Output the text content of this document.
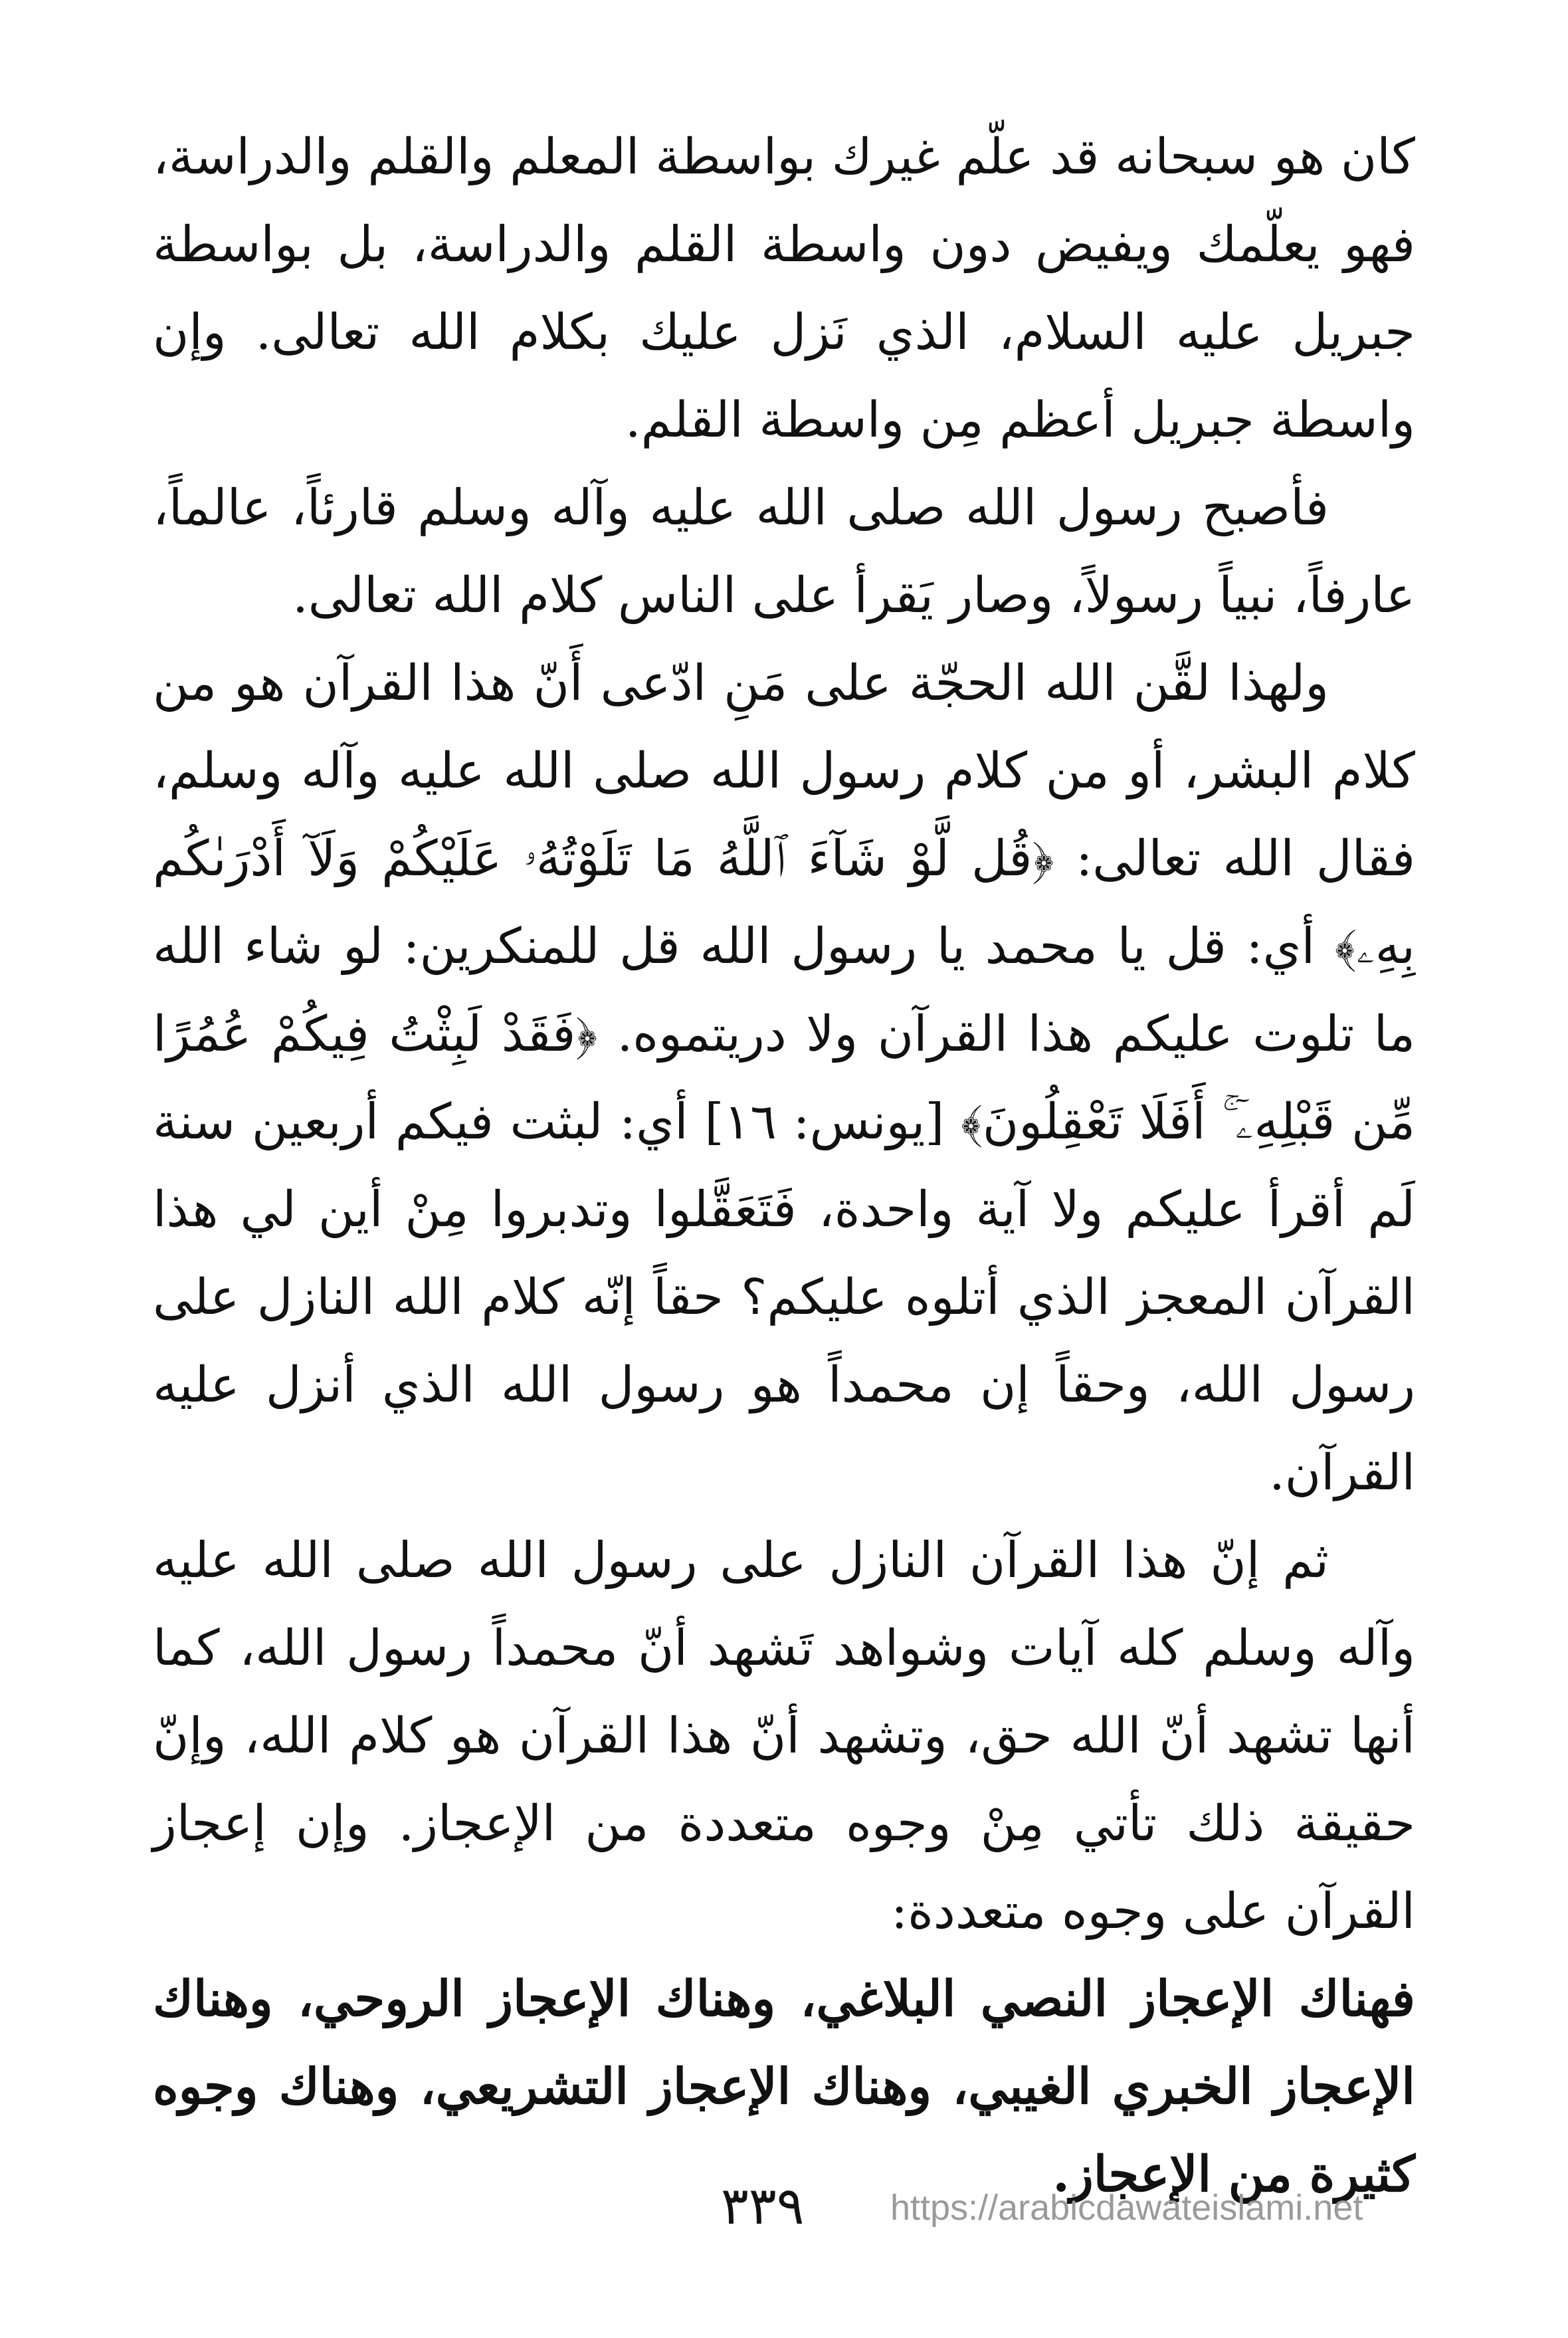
كان هو سبحانه قد علّم غيرك بواسطة المعلم والقلم والدراسة، فهو يعلّمك ويفيض دون واسطة القلم والدراسة، بل بواسطة جبريل عليه السلام، الذي نَزل عليك بكلام الله تعالى. وإن واسطة جبريل أعظم مِن واسطة القلم.

فأصبح رسول الله صلى الله عليه وآله وسلم قارئاً، عالماً، عارفاً، نبياً رسولاً، وصار يَقرأ على الناس كلام الله تعالى.

ولهذا لقَّن الله الحجّة على مَنِ ادّعى أَنّ هذا القرآن هو من كلام البشر، أو من كلام رسول الله صلى الله عليه وآله وسلم، فقال الله تعالى: ﴿قُل لَّوْ شَآءَ ٱللَّهُ مَا تَلَوْتُهُۥ عَلَيْكُمْ وَلَآ أَدْرَىٰكُم بِهِۦ﴾ أي: قل يا محمد يا رسول الله قل للمنكرين: لو شاء الله ما تلوت عليكم هذا القرآن ولا دريتموه. ﴿فَقَدْ لَبِثْتُ فِيكُمْ عُمُرًا مِّن قَبْلِهِۦٓ ۚ أَفَلَا تَعْقِلُونَ﴾ [يونس: ١٦] أي: لبثت فيكم أربعين سنة لَم أقرأ عليكم ولا آية واحدة، فَتَعَقَّلوا وتدبروا مِنْ أين لي هذا القرآن المعجز الذي أتلوه عليكم؟ حقاً إنّه كلام الله النازل على رسول الله، وحقاً إن محمداً هو رسول الله الذي أنزل عليه القرآن.

ثم إنّ هذا القرآن النازل على رسول الله صلى الله عليه وآله وسلم كله آيات وشواهد تَشهد أنّ محمداً رسول الله، كما أنها تشهد أنّ الله حق، وتشهد أنّ هذا القرآن هو كلام الله، وإنّ حقيقة ذلك تأتي مِنْ وجوه متعددة من الإعجاز. وإن إعجاز القرآن على وجوه متعددة:

فهناك الإعجاز النصي البلاغي، وهناك الإعجاز الروحي، وهناك الإعجاز الخبري الغيبي، وهناك الإعجاز التشريعي، وهناك وجوه كثيرة من الإعجاز.

٣٣٩ https://arabicdawateislami.net
